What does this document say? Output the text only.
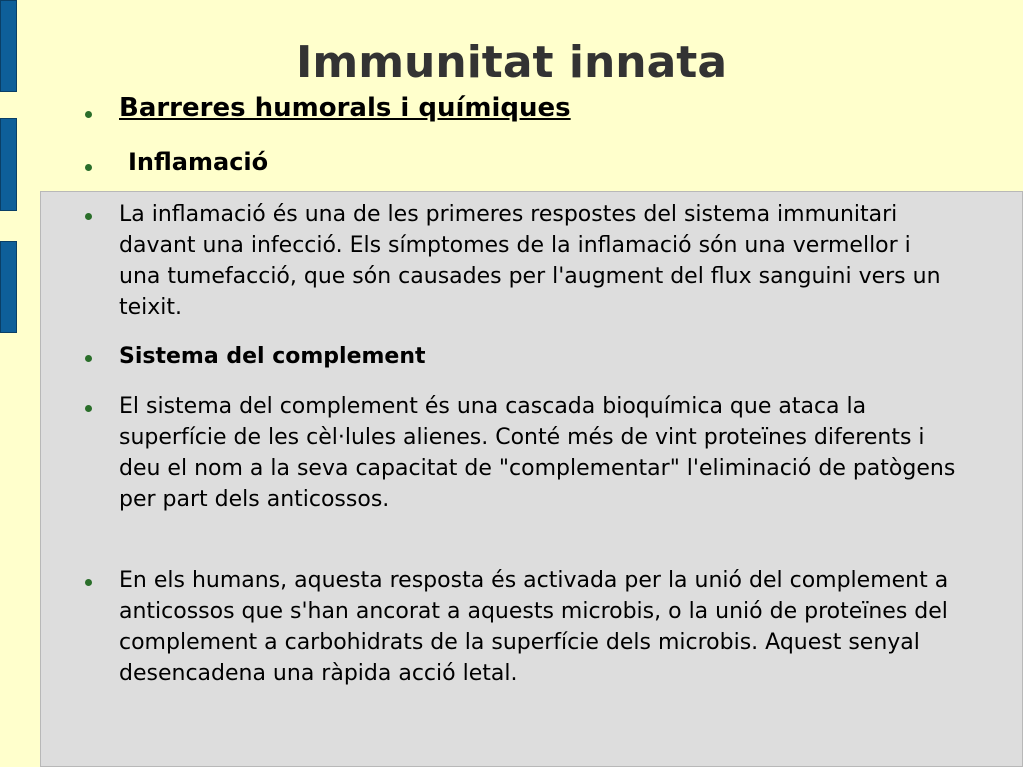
Immunitat innata
Barreres humorals i químiques
Inflamació
La inflamació és una de les primeres respostes del sistema immunitari davant una infecció. Els símptomes de la inflamació són una vermellor i una tumefacció, que són causades per l'augment del flux sanguini vers un teixit.
Sistema del complement
El sistema del complement és una cascada bioquímica que ataca la superfície de les cèl·lules alienes. Conté més de vint proteïnes diferents i deu el nom a la seva capacitat de "complementar" l'eliminació de patògens per part dels anticossos.
En els humans, aquesta resposta és activada per la unió del complement a anticossos que s'han ancorat a aquests microbis, o la unió de proteïnes del complement a carbohidrats de la superfície dels microbis. Aquest senyal desencadena una ràpida acció letal.
